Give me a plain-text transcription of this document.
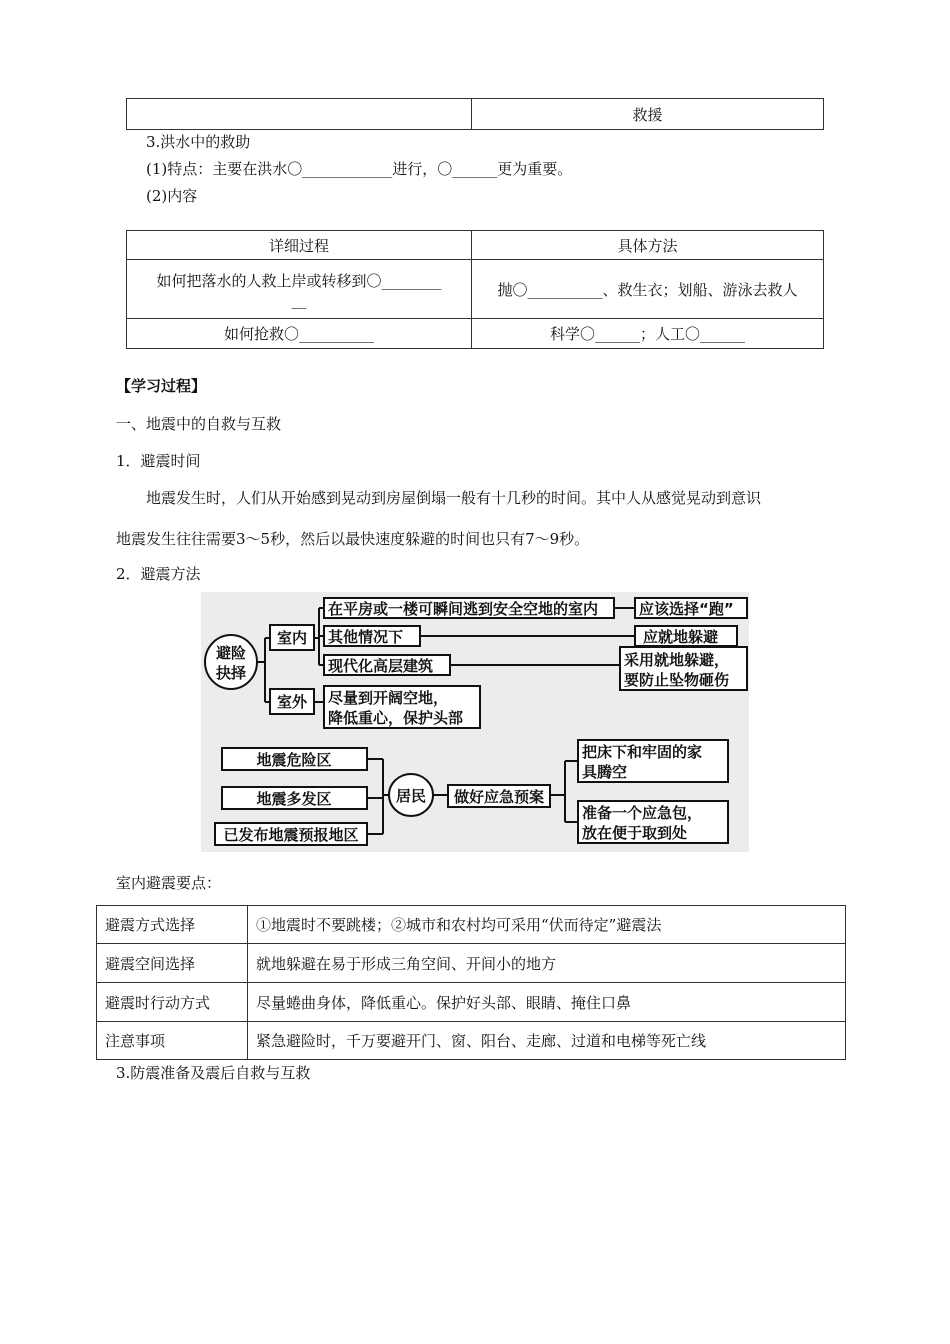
	救援
3.洪水中的救助
(1)特点：主要在洪水〇____________进行，〇______更为重要。
(2)内容
详细过程	具体方法

如何把落水的人救上岸或转移到〇________
__	抛〇__________、救生衣；划船、游泳去救人
如何抢救〇__________	科学〇______；人工〇______
【学习过程】
一、地震中的自救与互救
1．避震时间
地震发生时，人们从开始感到晃动到房屋倒塌一般有十几秒的时间。其中人从感觉晃动到意识
地震发生往往需要3～5秒，然后以最快速度躲避的时间也只有7～9秒。
2．避震方法
避险
抉择
室内
室外
在平房或一楼可瞬间逃到安全空地的室内
其他情况下
现代化高层建筑
应该选择“跑”
应就地躲避
采用就地躲避，
要防止坠物砸伤
尽量到开阔空地，
降低重心，保护头部
地震危险区
地震多发区
已发布地震预报地区
居民 做好应急预案
把床下和牢固的家
具腾空
准备一个应急包，
放在便于取到处
室内避震要点：
避震方式选择	①地震时不要跳楼；②城市和农村均可采用“伏而待定”避震法
避震空间选择	就地躲避在易于形成三角空间、开间小的地方
避震时行动方式	尽量蜷曲身体，降低重心。保护好头部、眼睛、掩住口鼻
注意事项	紧急避险时，千万要避开门、窗、阳台、走廊、过道和电梯等死亡线
3.防震准备及震后自救与互救
